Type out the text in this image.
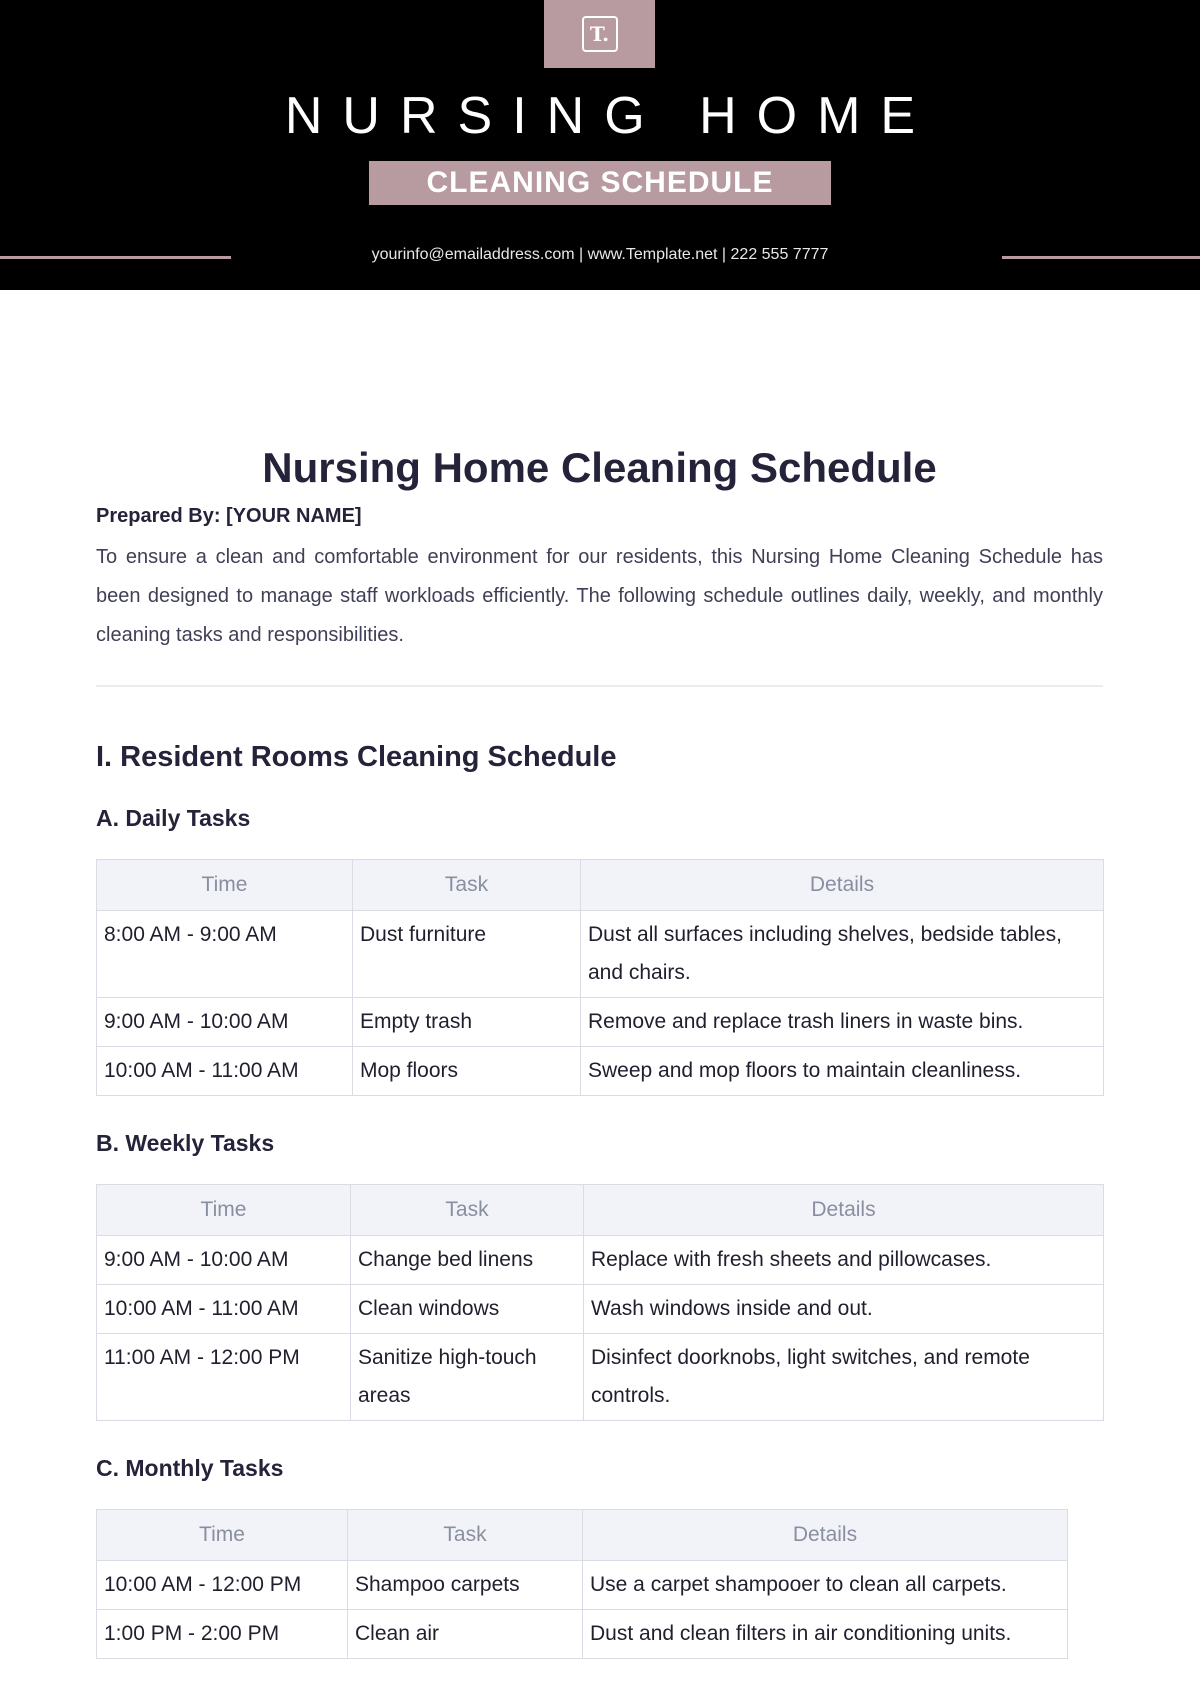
T.
NURSING HOME
CLEANING SCHEDULE
yourinfo@emailaddress.com | www.Template.net | 222 555 7777
Nursing Home Cleaning Schedule
Prepared By: [YOUR NAME]

To ensure a clean and comfortable environment for our residents, this Nursing Home Cleaning Schedule has been designed to manage staff workloads efficiently. The following schedule outlines daily, weekly, and monthly cleaning tasks and responsibilities.

I. Resident Rooms Cleaning Schedule
A. Daily Tasks
Time	Task	Details
8:00 AM - 9:00 AM	Dust furniture	Dust all surfaces including shelves, bedside tables, and chairs.
9:00 AM - 10:00 AM	Empty trash	Remove and replace trash liners in waste bins.
10:00 AM - 11:00 AM	Mop floors	Sweep and mop floors to maintain cleanliness.
B. Weekly Tasks
Time	Task	Details
9:00 AM - 10:00 AM	Change bed linens	Replace with fresh sheets and pillowcases.
10:00 AM - 11:00 AM	Clean windows	Wash windows inside and out.
11:00 AM - 12:00 PM	Sanitize high-touch areas	Disinfect doorknobs, light switches, and remote controls.
C. Monthly Tasks
Time	Task	Details
10:00 AM - 12:00 PM	Shampoo carpets	Use a carpet shampooer to clean all carpets.
1:00 PM - 2:00 PM	Clean air	Dust and clean filters in air conditioning units.
